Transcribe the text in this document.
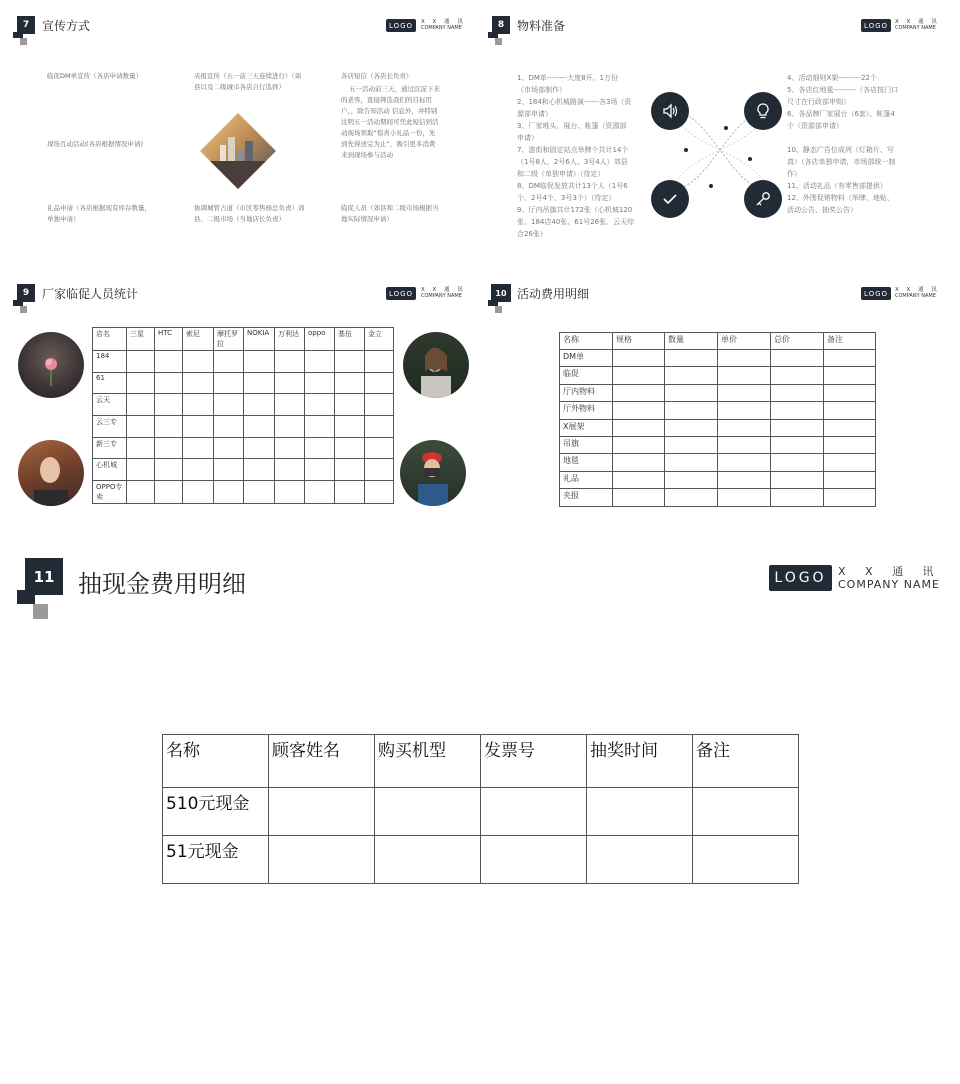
7	宣传方式	LOGO	X X 通 讯
COMPANY NAME
临促DM单宣传（各店申请数量）
现场互动活动(各店根据情况申请)
礼品申请（各店根据现有库存数量，单独申请）
夹报宣传（五一前三天连续进行）（郊县以及二级城市各店自行选择）
协调城管占道（市区零售杨总负责）郊县、二级市场（当地店长负责）
各店短信（各店长负责）
五一活动前三天，通过沉淀下来的老客，直接筛选我们的目标用户，，除告知活动 信息外，并特别注明五一活动期间可凭此短信到活动现场领取“惊喜小礼品一份，先到先得送完为止”，吸引更多消费来到现场参与活动
临促人员（郊县和二级市场根据当地实际情况申请）
8	物料准备	LOGO	X X 通 讯
COMPANY NAME
1、DM单--------大度8开、1万份
（市场部制作）
2、184和心机城路演------各3场（资
源部申请）
3、厂家堆头、展台、帐篷（资源部
申请）
7、游街和固定站点举牌个共计14个
（1号8人、2号6人、3号4人）郊县
和二级（单独申请）（待定）
8、DM临促发放共计13个人（1号6
个、2号4个、3号3个）（待定）
9、厅内吊旗共计172张（心机城120
张、184店40张、61号26张、云天综
合26张）
4、活动细则X架---------22个
5、各店红地毯---------（各店按门口
尺寸在行政部申购）
6、各品牌厂家展台（6套）、帐篷4
个（资源部申请）

10、静态广告位成列（灯箱片、写
真）（各店单独申请，市场部统一制
作）
11、活动礼品（有零售部提供）
12、外围促销物料（举牌、地贴、
活动公告、抽奖公告）
9	厂家临促人员统计	LOGO	X X 通 讯
COMPANY NAME
店名	三星	HTC	索尼	摩托罗拉	NOKIA	万利达	oppo	基伍	金立
184									
61									
云天									
云三专									
新三专									
心机城									
OPPO专卖									
10 活动费用明细	LOGO	X X 通 讯
COMPANY NAME
名称	规格	数量	单价	总价	备注
DM单					
临促					
厅内物料					
厅外物料					
X展架					
吊旗					
地毯					
礼品					
夹报					
11 抽现金费用明细	LOGO	X X 通 讯
COMPANY NAME
名称	顾客姓名	购买机型	发票号	抽奖时间	备注
510元现金					
51元现金					
